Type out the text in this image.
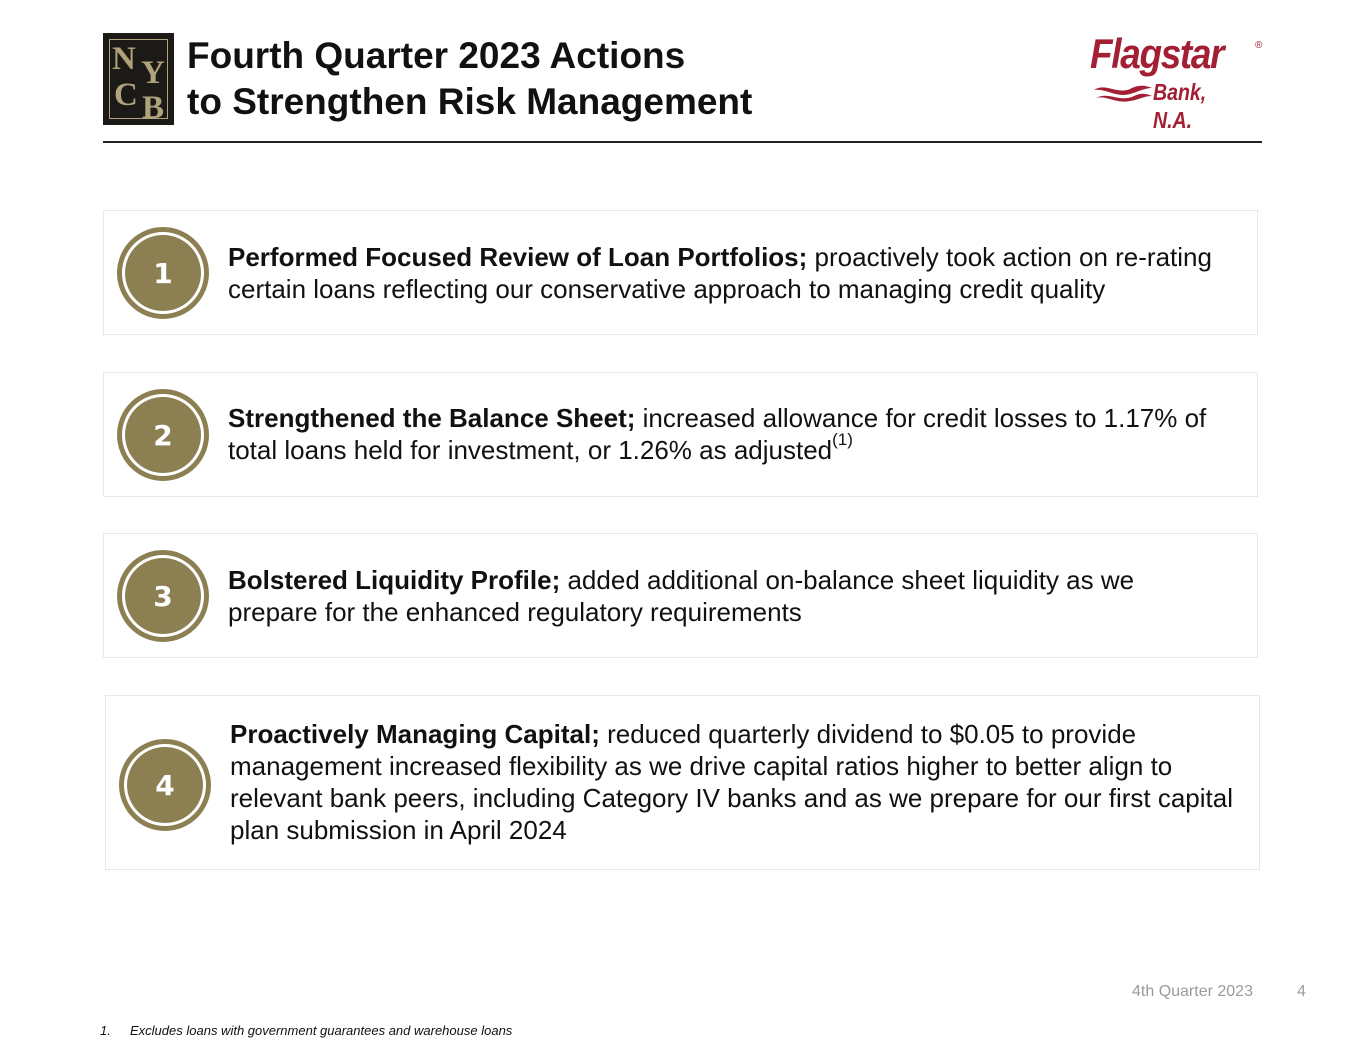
N Y
C B
Fourth Quarter 2023 Actions
to Strengthen Risk Management
Flagstar	®
Bank, N.A.
1	Performed Focused Review of Loan Portfolios; proactively took action on re-rating certain loans reflecting our conservative approach to managing credit quality
2
Strengthened the Balance Sheet; increased allowance for credit losses to 1.17% of total loans held for investment, or 1.26% as adjusted$^{(1)}$
3	Bolstered Liquidity Profile; added additional on-balance sheet liquidity as we prepare for the enhanced regulatory requirements
4
Proactively Managing Capital; reduced quarterly dividend to $0.05 to provide management increased flexibility as we drive capital ratios higher to better align to relevant bank peers, including Category IV banks and as we prepare for our first capital plan submission in April 2024
4th Quarter 2023	4
1. Excludes loans with government guarantees and warehouse loans
